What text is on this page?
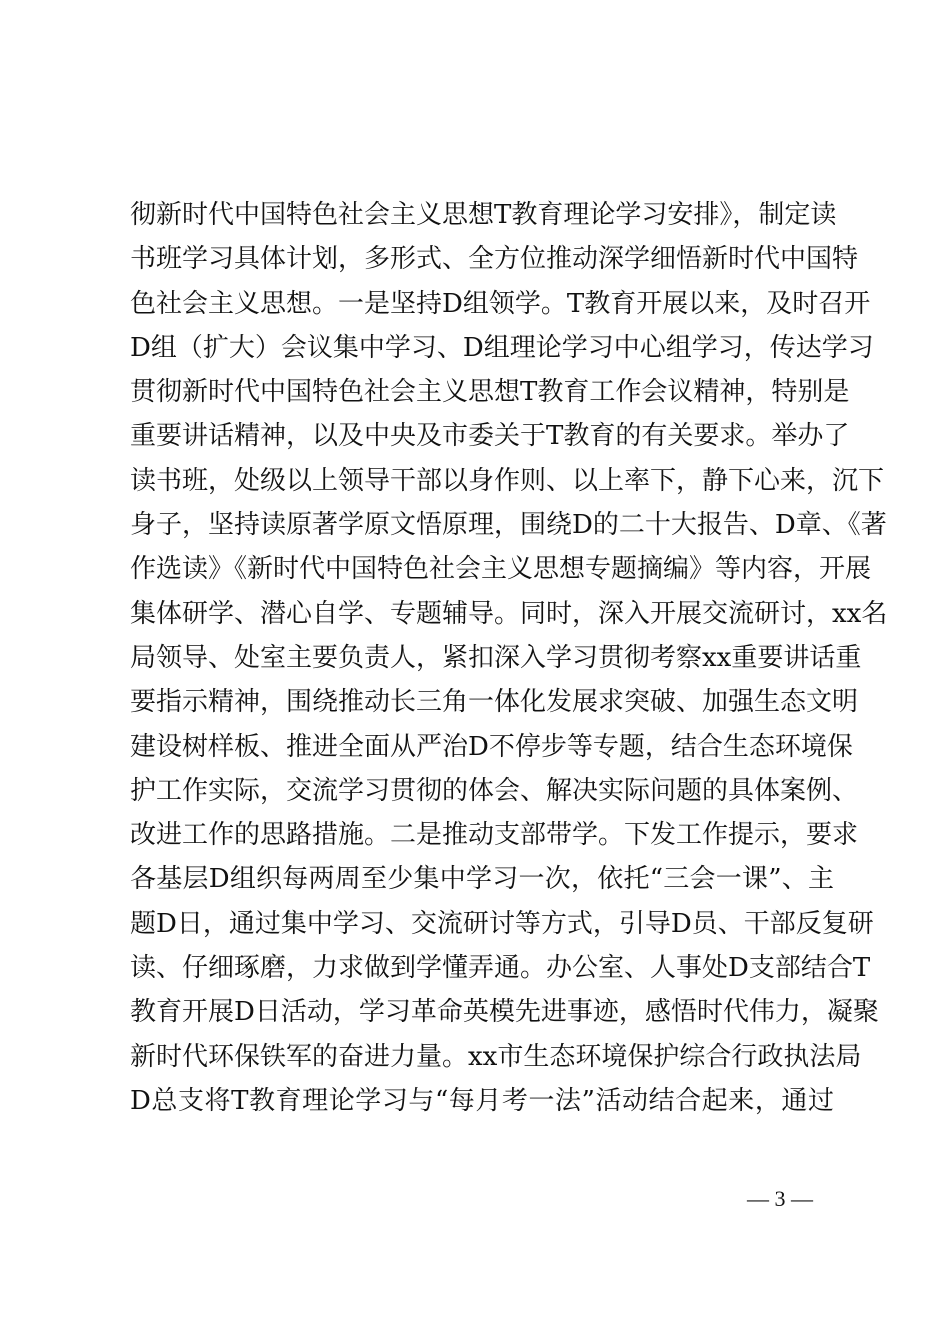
彻新时代中国特色社会主义思想T教育理论学习安排》，制定读
书班学习具体计划，多形式、全方位推动深学细悟新时代中国特
色社会主义思想。一是坚持D组领学。T教育开展以来，及时召开
D组（扩大）会议集中学习、D组理论学习中心组学习，传达学习
贯彻新时代中国特色社会主义思想T教育工作会议精神，特别是
重要讲话精神，以及中央及市委关于T教育的有关要求。举办了
读书班，处级以上领导干部以身作则、以上率下，静下心来，沉下
身子，坚持读原著学原文悟原理，围绕D的二十大报告、D章、《著
作选读》《新时代中国特色社会主义思想专题摘编》等内容，开展
集体研学、潜心自学、专题辅导。同时，深入开展交流研讨，xx名
局领导、处室主要负责人，紧扣深入学习贯彻考察xx重要讲话重
要指示精神，围绕推动长三角一体化发展求突破、加强生态文明
建设树样板、推进全面从严治D不停步等专题，结合生态环境保
护工作实际，交流学习贯彻的体会、解决实际问题的具体案例、
改进工作的思路措施。二是推动支部带学。下发工作提示，要求
各基层D组织每两周至少集中学习一次，依托“三会一课”、主
题D日，通过集中学习、交流研讨等方式，引导D员、干部反复研
读、仔细琢磨，力求做到学懂弄通。办公室、人事处D支部结合T
教育开展D日活动，学习革命英模先进事迹，感悟时代伟力，凝聚
新时代环保铁军的奋进力量。xx市生态环境保护综合行政执法局
D总支将T教育理论学习与“每月考一法”活动结合起来，通过
— 3 —
